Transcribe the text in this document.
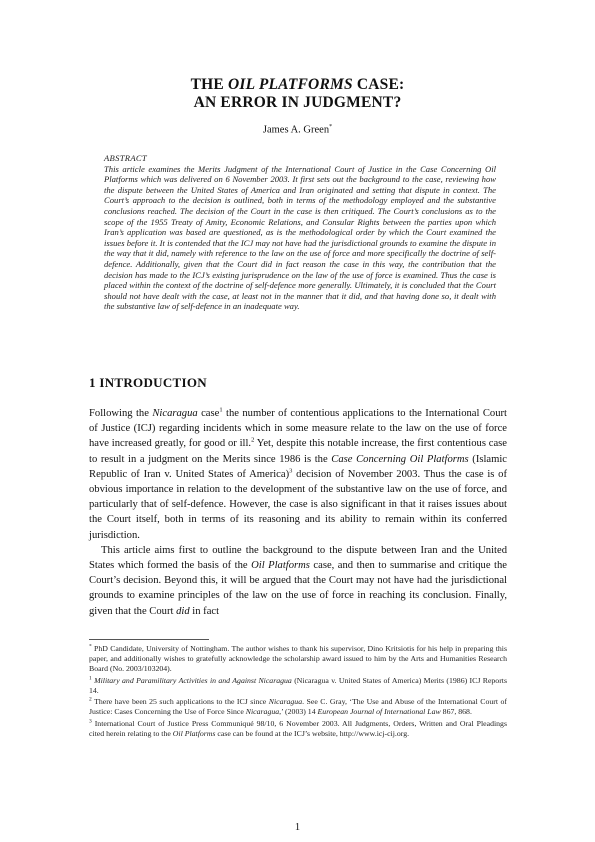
THE OIL PLATFORMS CASE:
AN ERROR IN JUDGMENT?
James A. Green*
ABSTRACT

This article examines the Merits Judgment of the International Court of Justice in the Case Concerning Oil Platforms which was delivered on 6 November 2003. It first sets out the background to the case, reviewing how the dispute between the United States of America and Iran originated and setting that dispute in context. The Court’s approach to the decision is outlined, both in terms of the methodology employed and the substantive conclusions reached. The decision of the Court in the case is then critiqued. The Court’s conclusions as to the scope of the 1955 Treaty of Amity, Economic Relations, and Consular Rights between the parties upon which Iran’s application was based are questioned, as is the methodological order by which the Court examined the issues before it. It is contended that the ICJ may not have had the jurisdictional grounds to examine the dispute in the way that it did, namely with reference to the law on the use of force and more specifically the doctrine of self-defence. Additionally, given that the Court did in fact reason the case in this way, the contribution that the decision has made to the ICJ’s existing jurisprudence on the law of the use of force is examined. Thus the case is placed within the context of the doctrine of self-defence more generally. Ultimately, it is concluded that the Court should not have dealt with the case, at least not in the manner that it did, and that having done so, it dealt with the substantive law of self-defence in an inadequate way.

1 INTRODUCTION

Following the Nicaragua case$^1$ the number of contentious applications to the International Court of Justice (ICJ) regarding incidents which in some measure relate to the law on the use of force have increased greatly, for good or ill.$^2$ Yet, despite this notable increase, the first contentious case to result in a judgment on the Merits since 1986 is the Case Concerning Oil Platforms (Islamic Republic of Iran v. United States of America)$^3$ decision of November 2003. Thus the case is of obvious importance in relation to the development of the substantive law on the use of force, and particularly that of self-defence. However, the case is also significant in that it raises issues about the Court itself, both in terms of its reasoning and its ability to remain within its conferred jurisdiction.

This article aims first to outline the background to the dispute between Iran and the United States which formed the basis of the Oil Platforms case, and then to summarise and critique the Court’s decision. Beyond this, it will be argued that the Court may not have had the jurisdictional grounds to examine principles of the law on the use of force in reaching its conclusion. Finally, given that the Court did in fact

* PhD Candidate, University of Nottingham. The author wishes to thank his supervisor, Dino Kritsiotis for his help in preparing this paper, and additionally wishes to gratefully acknowledge the scholarship award issued to him by the Arts and Humanities Research Board (No. 2003/103204).

$^1$ Military and Paramilitary Activities in and Against Nicaragua (Nicaragua v. United States of America) Merits (1986) ICJ Reports 14.

$^2$ There have been 25 such applications to the ICJ since Nicaragua. See C. Gray, ‘The Use and Abuse of the International Court of Justice: Cases Concerning the Use of Force Since Nicaragua,’ (2003) 14 European Journal of International Law 867, 868.

$^3$ International Court of Justice Press Communiqué 98/10, 6 November 2003. All Judgments, Orders, Written and Oral Pleadings cited herein relating to the Oil Platforms case can be found at the ICJ’s website, http://www.icj-cij.org.

1
